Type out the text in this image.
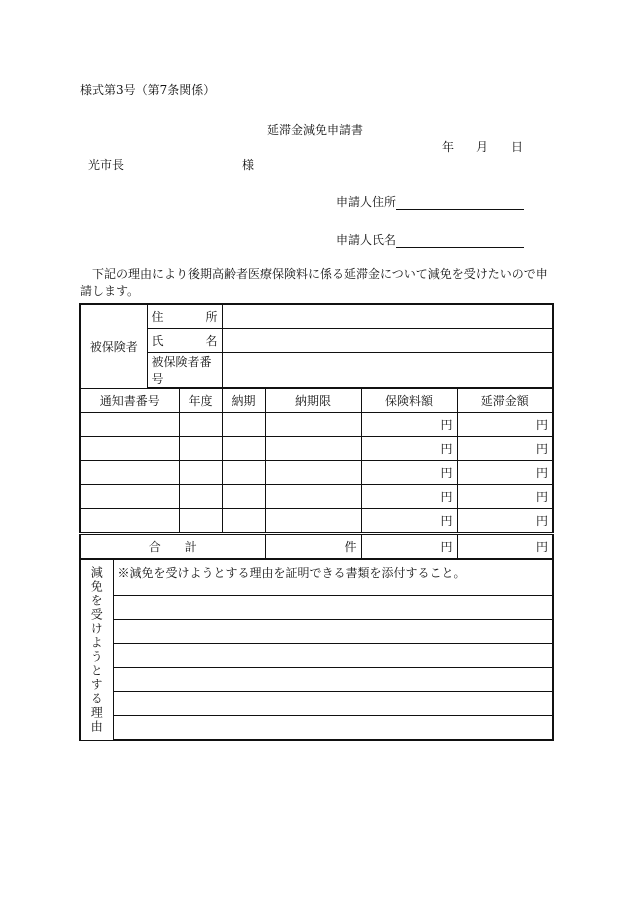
様式第3号（第7条関係）
延滞金減免申請書
年 月 日
光市長	様
申請人住所
申請人氏名
下記の理由により後期高齢者医療保険料に係る延滞金について減免を受けたいので申請します。
被保険者		住　　　所					
		氏　　　名					
		被保険者番号					
通知書番号			年度	納期	納期限	保険料額	延滞金額
						円	円
						円	円
						円	円
						円	円
						円	円
合　　計					件	円	円

減免を受けようとする理由	※減免を受けようとする理由を証明できる書類を添付すること。						
